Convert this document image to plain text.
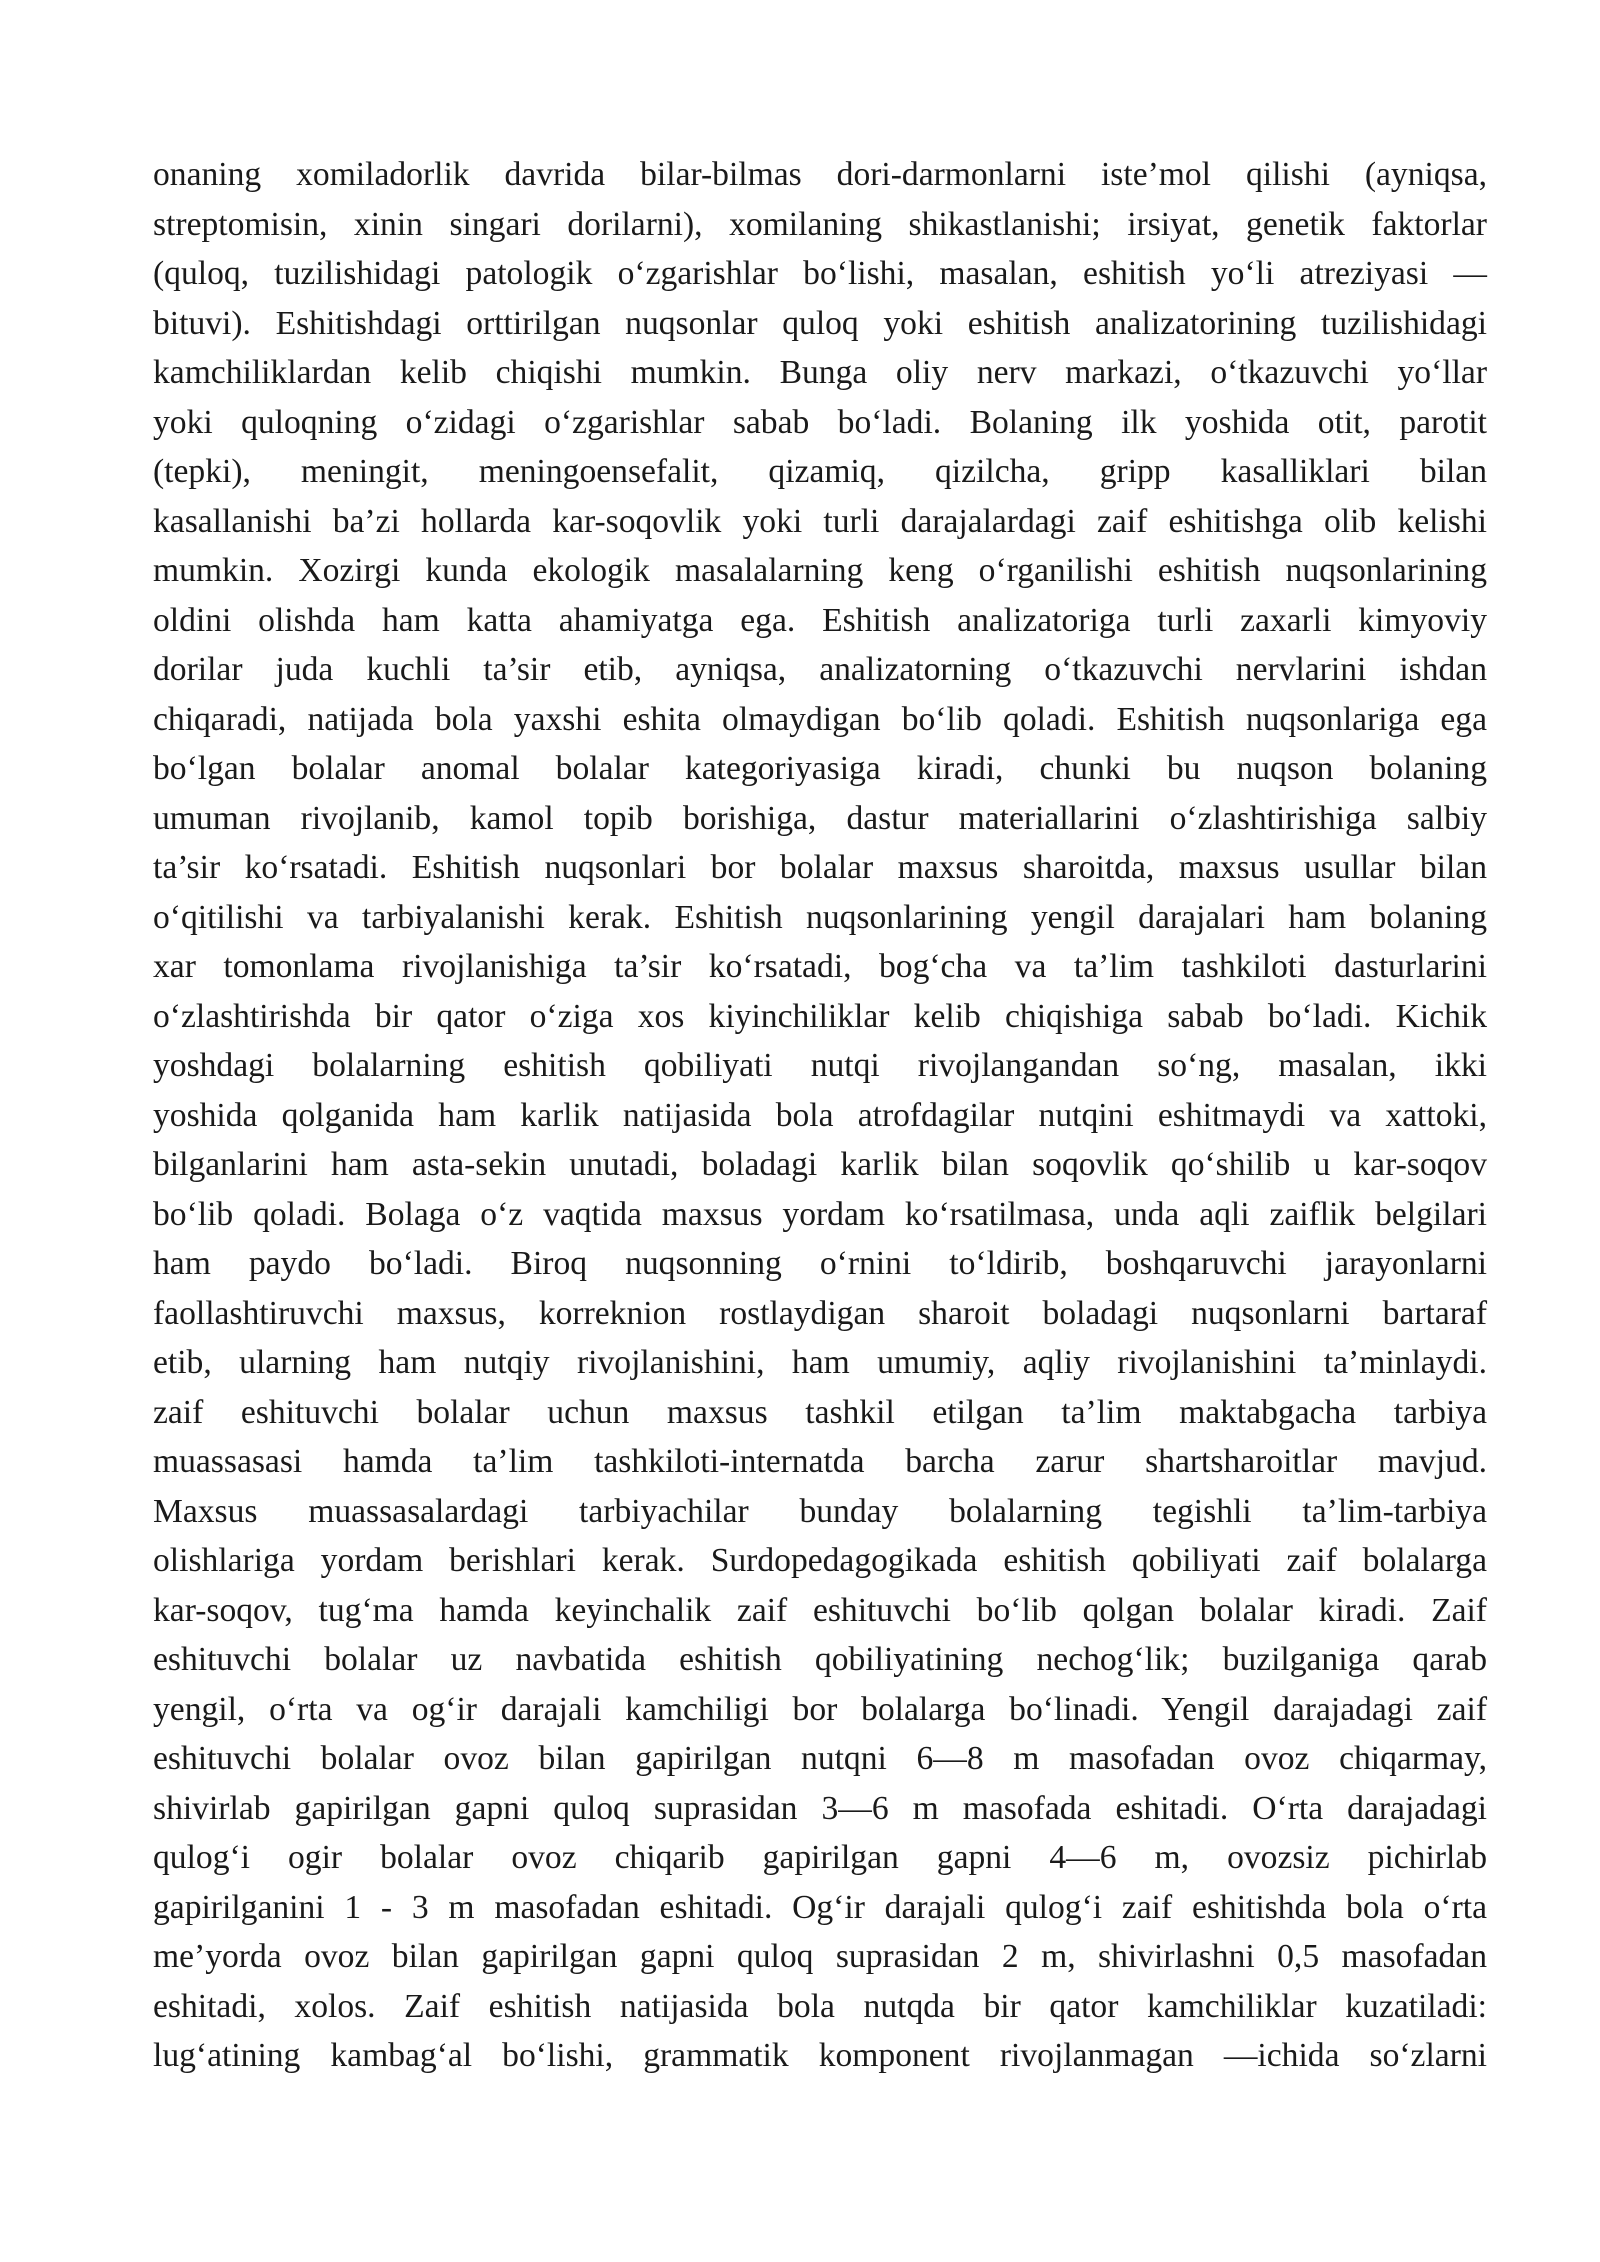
onaning xomiladorlik davrida bilar-bilmas dori-darmonlarni iste’mol qilishi (ayniqsa,
streptomisin, xinin singari dorilarni), xomilaning shikastlanishi; irsiyat, genetik faktorlar
(quloq, tuzilishidagi patologik o‘zgarishlar bo‘lishi, masalan, eshitish yo‘li atreziyasi —
bituvi). Eshitishdagi orttirilgan nuqsonlar quloq yoki eshitish analizatorining tuzilishidagi
kamchiliklardan kelib chiqishi mumkin. Bunga oliy nerv markazi, o‘tkazuvchi yo‘llar
yoki quloqning o‘zidagi o‘zgarishlar sabab bo‘ladi. Bolaning ilk yoshida otit, parotit
(tepki), meningit, meningoensefalit, qizamiq, qizilcha, gripp kasalliklari bilan
kasallanishi ba’zi hollarda kar-soqovlik yoki turli darajalardagi zaif eshitishga olib kelishi
mumkin. Xozirgi kunda ekologik masalalarning keng o‘rganilishi eshitish nuqsonlarining
oldini olishda ham katta ahamiyatga ega. Eshitish analizatoriga turli zaxarli kimyoviy
dorilar juda kuchli ta’sir etib, ayniqsa, analizatorning o‘tkazuvchi nervlarini ishdan
chiqaradi, natijada bola yaxshi eshita olmaydigan bo‘lib qoladi. Eshitish nuqsonlariga ega
bo‘lgan bolalar anomal bolalar kategoriyasiga kiradi, chunki bu nuqson bolaning
umuman rivojlanib, kamol topib borishiga, dastur materiallarini o‘zlashtirishiga salbiy
ta’sir ko‘rsatadi. Eshitish nuqsonlari bor bolalar maxsus sharoitda, maxsus usullar bilan
o‘qitilishi va tarbiyalanishi kerak. Eshitish nuqsonlarining yengil darajalari ham bolaning
xar tomonlama rivojlanishiga ta’sir ko‘rsatadi, bog‘cha va ta’lim tashkiloti dasturlarini
o‘zlashtirishda bir qator o‘ziga xos kiyinchiliklar kelib chiqishiga sabab bo‘ladi. Kichik
yoshdagi bolalarning eshitish qobiliyati nutqi rivojlangandan so‘ng, masalan, ikki
yoshida qolganida ham karlik natijasida bola atrofdagilar nutqini eshitmaydi va xattoki,
bilganlarini ham asta-sekin unutadi, boladagi karlik bilan soqovlik qo‘shilib u kar-soqov
bo‘lib qoladi. Bolaga o‘z vaqtida maxsus yordam ko‘rsatilmasa, unda aqli zaiflik belgilari
ham paydo bo‘ladi. Biroq nuqsonning o‘rnini to‘ldirib, boshqaruvchi jarayonlarni
faollashtiruvchi maxsus, korreknion rostlaydigan sharoit boladagi nuqsonlarni bartaraf
etib, ularning ham nutqiy rivojlanishini, ham umumiy, aqliy rivojlanishini ta’minlaydi.
zaif eshituvchi bolalar uchun maxsus tashkil etilgan ta’lim maktabgacha tarbiya
muassasasi hamda ta’lim tashkiloti-internatda barcha zarur shartsharoitlar mavjud.
Maxsus muassasalardagi tarbiyachilar bunday bolalarning tegishli ta’lim-tarbiya
olishlariga yordam berishlari kerak. Surdopedagogikada eshitish qobiliyati zaif bolalarga
kar-soqov, tug‘ma hamda keyinchalik zaif eshituvchi bo‘lib qolgan bolalar kiradi. Zaif
eshituvchi bolalar uz navbatida eshitish qobiliyatining nechog‘lik; buzilganiga qarab
yengil, o‘rta va og‘ir darajali kamchiligi bor bolalarga bo‘linadi. Yengil darajadagi zaif
eshituvchi bolalar ovoz bilan gapirilgan nutqni 6—8 m masofadan ovoz chiqarmay,
shivirlab gapirilgan gapni quloq suprasidan 3—6 m masofada eshitadi. O‘rta darajadagi
qulog‘i ogir bolalar ovoz chiqarib gapirilgan gapni 4—6 m, ovozsiz pichirlab
gapirilganini 1 - 3 m masofadan eshitadi. Og‘ir darajali qulog‘i zaif eshitishda bola o‘rta
me’yorda ovoz bilan gapirilgan gapni quloq suprasidan 2 m, shivirlashni 0,5 masofadan
eshitadi, xolos. Zaif eshitish natijasida bola nutqda bir qator kamchiliklar kuzatiladi:
lug‘atining kambag‘al bo‘lishi, grammatik komponent rivojlanmagan —ichida so‘zlarni
